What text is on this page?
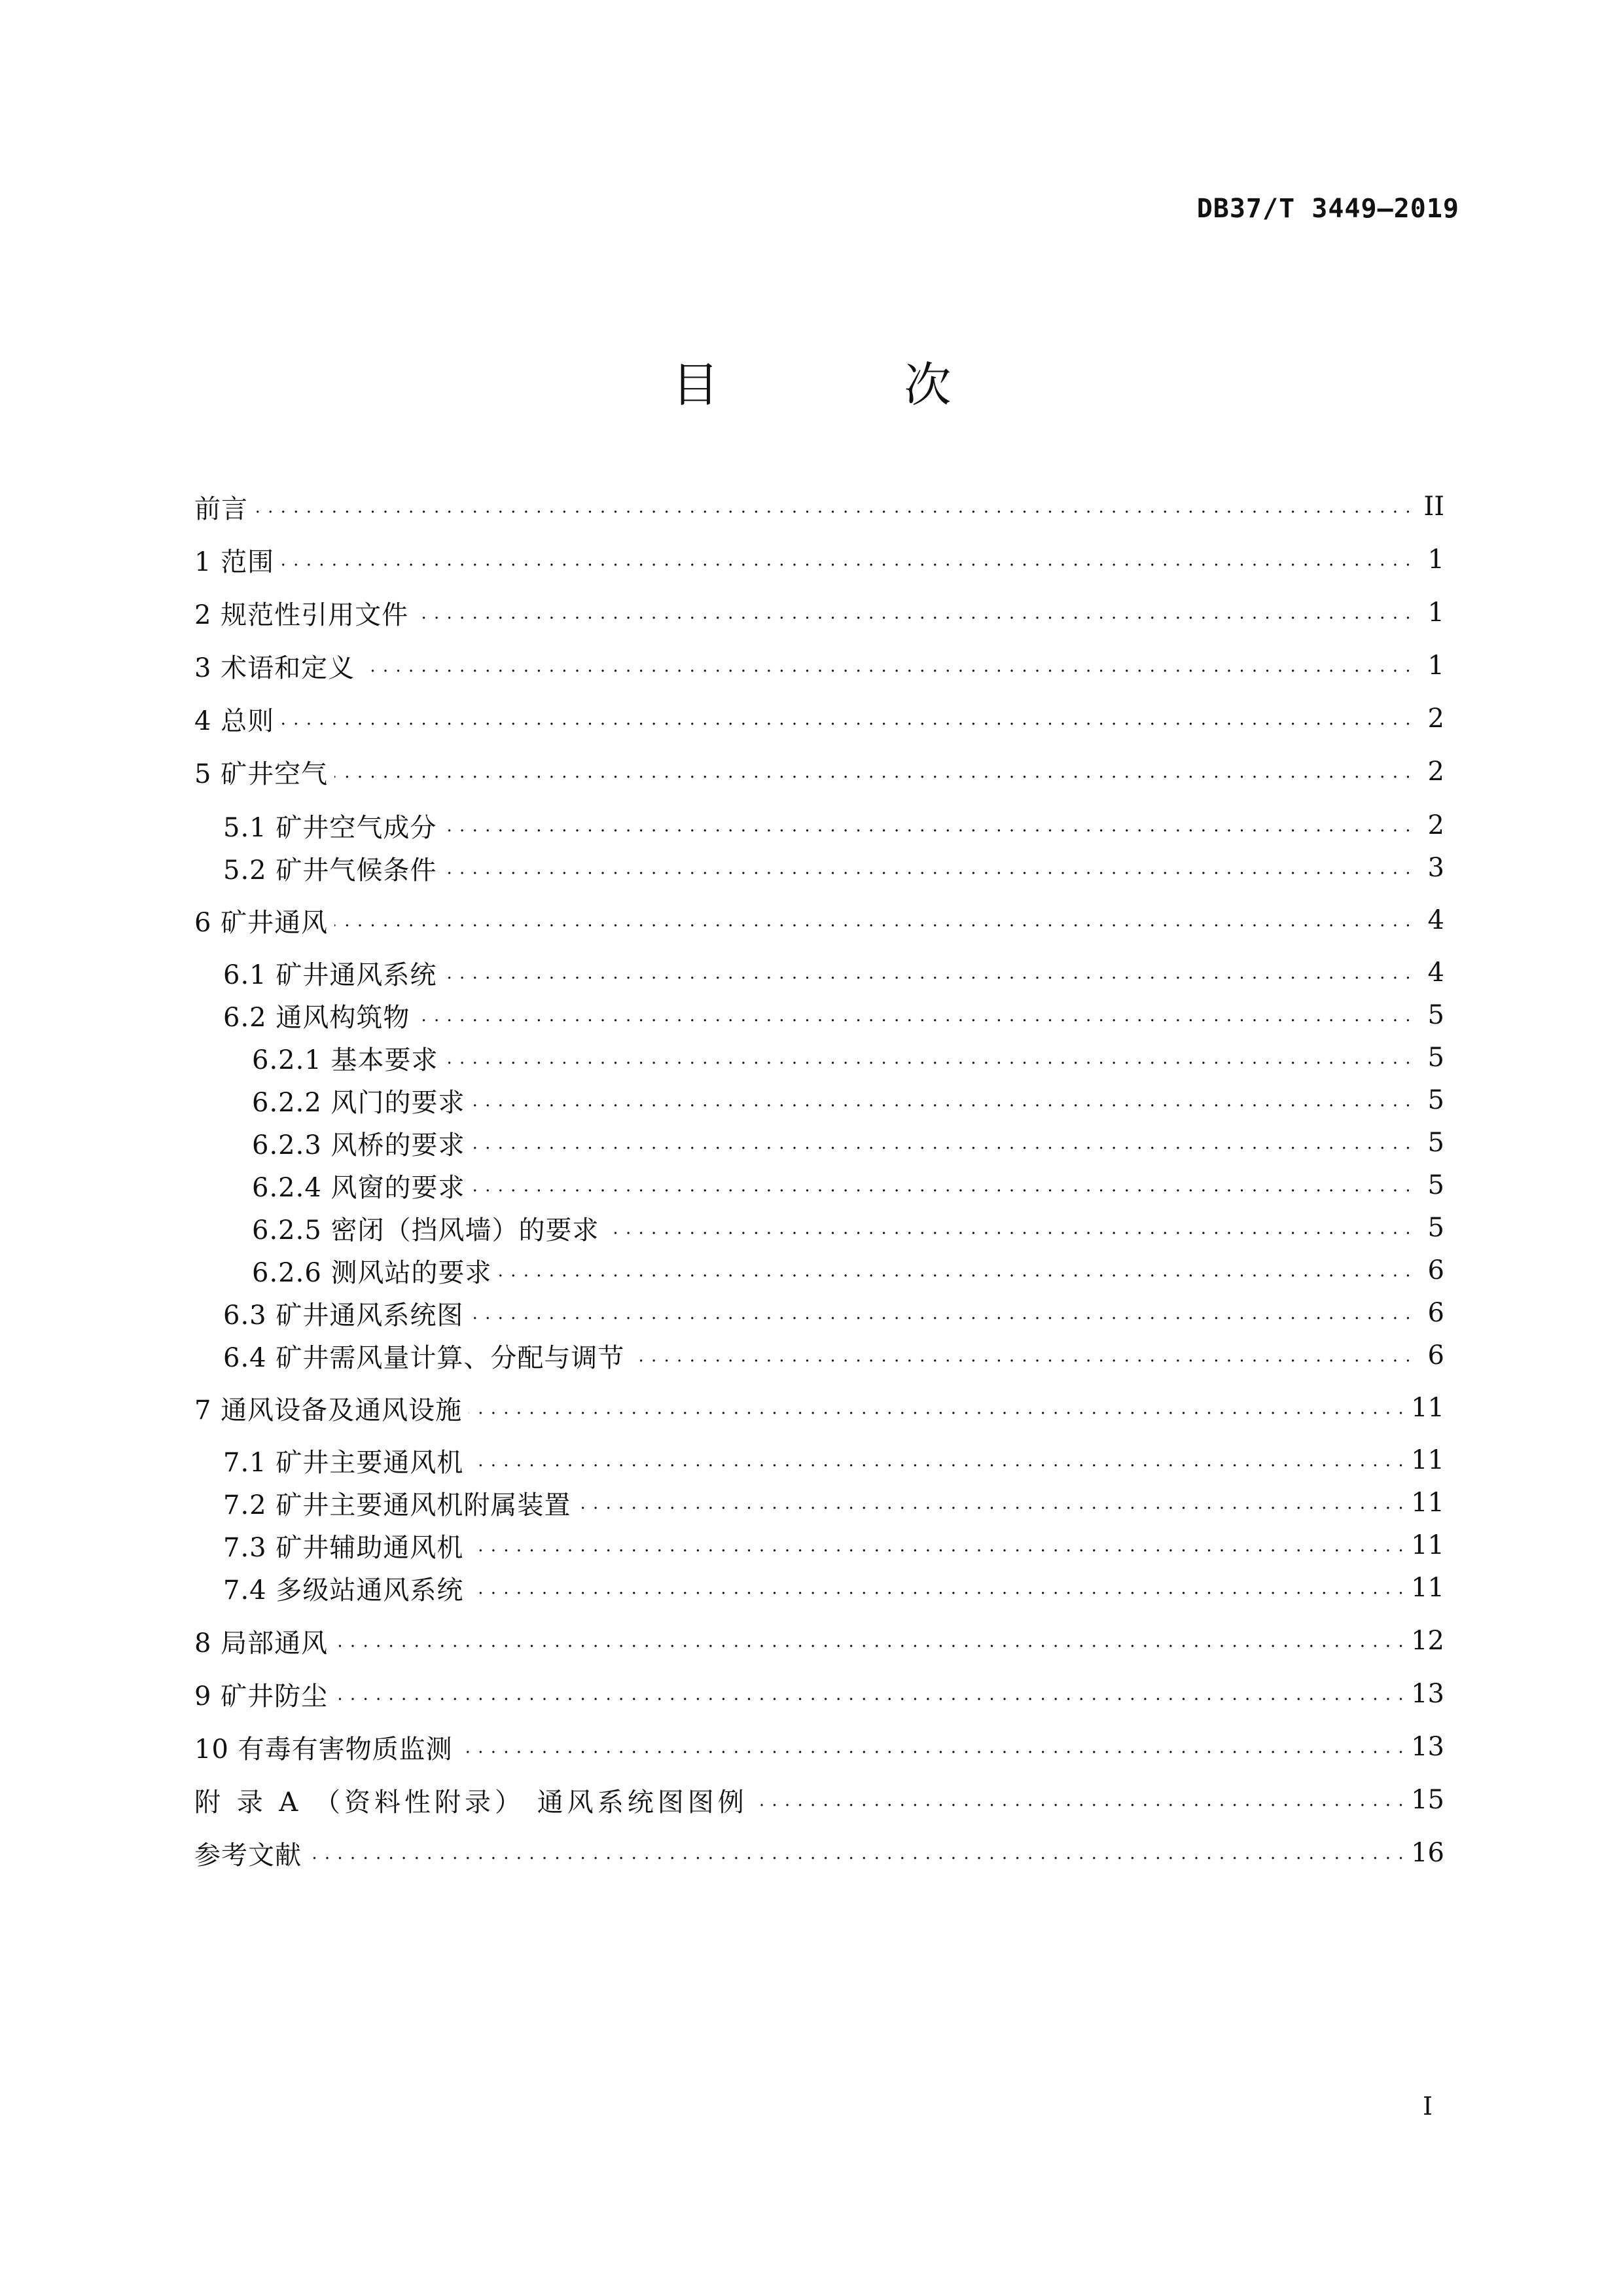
DB37/T 3449—2019
目 次
前言 . . .	II
1 范围 . . .	1
2 规范性引用文件 . . .	1
3 术语和定义 . . .	1
4 总则 . . .	2
5 矿井空气 . . .	2
5.1 矿井空气成分 . . .	2
5.2 矿井气候条件 . . .	3
6 矿井通风 . . .	4
6.1 矿井通风系统 . . .	4
6.2 通风构筑物 . . .	5
6.2.1 基本要求 . . .	5
6.2.2 风门的要求 . . .	5
6.2.3 风桥的要求 . . .	5
6.2.4 风窗的要求 . . .	5
6.2.5 密闭（挡风墙）的要求 . . .	5
6.2.6 测风站的要求 . . .	6
6.3 矿井通风系统图 . . .	6
6.4 矿井需风量计算、分配与调节 . . .	6
7 通风设备及通风设施 . . .	11
7.1 矿井主要通风机 . . .	11
7.2 矿井主要通风机附属装置 . . .	11
7.3 矿井辅助通风机 . . .	11
7.4 多级站通风系统 . . .	11
8 局部通风 . . .	12
9 矿井防尘 . . .	13
10 有毒有害物质监测 . . .	13
附 录 A （资料性附录） 通风系统图图例 . . .	15
参考文献 . . .	16
I
